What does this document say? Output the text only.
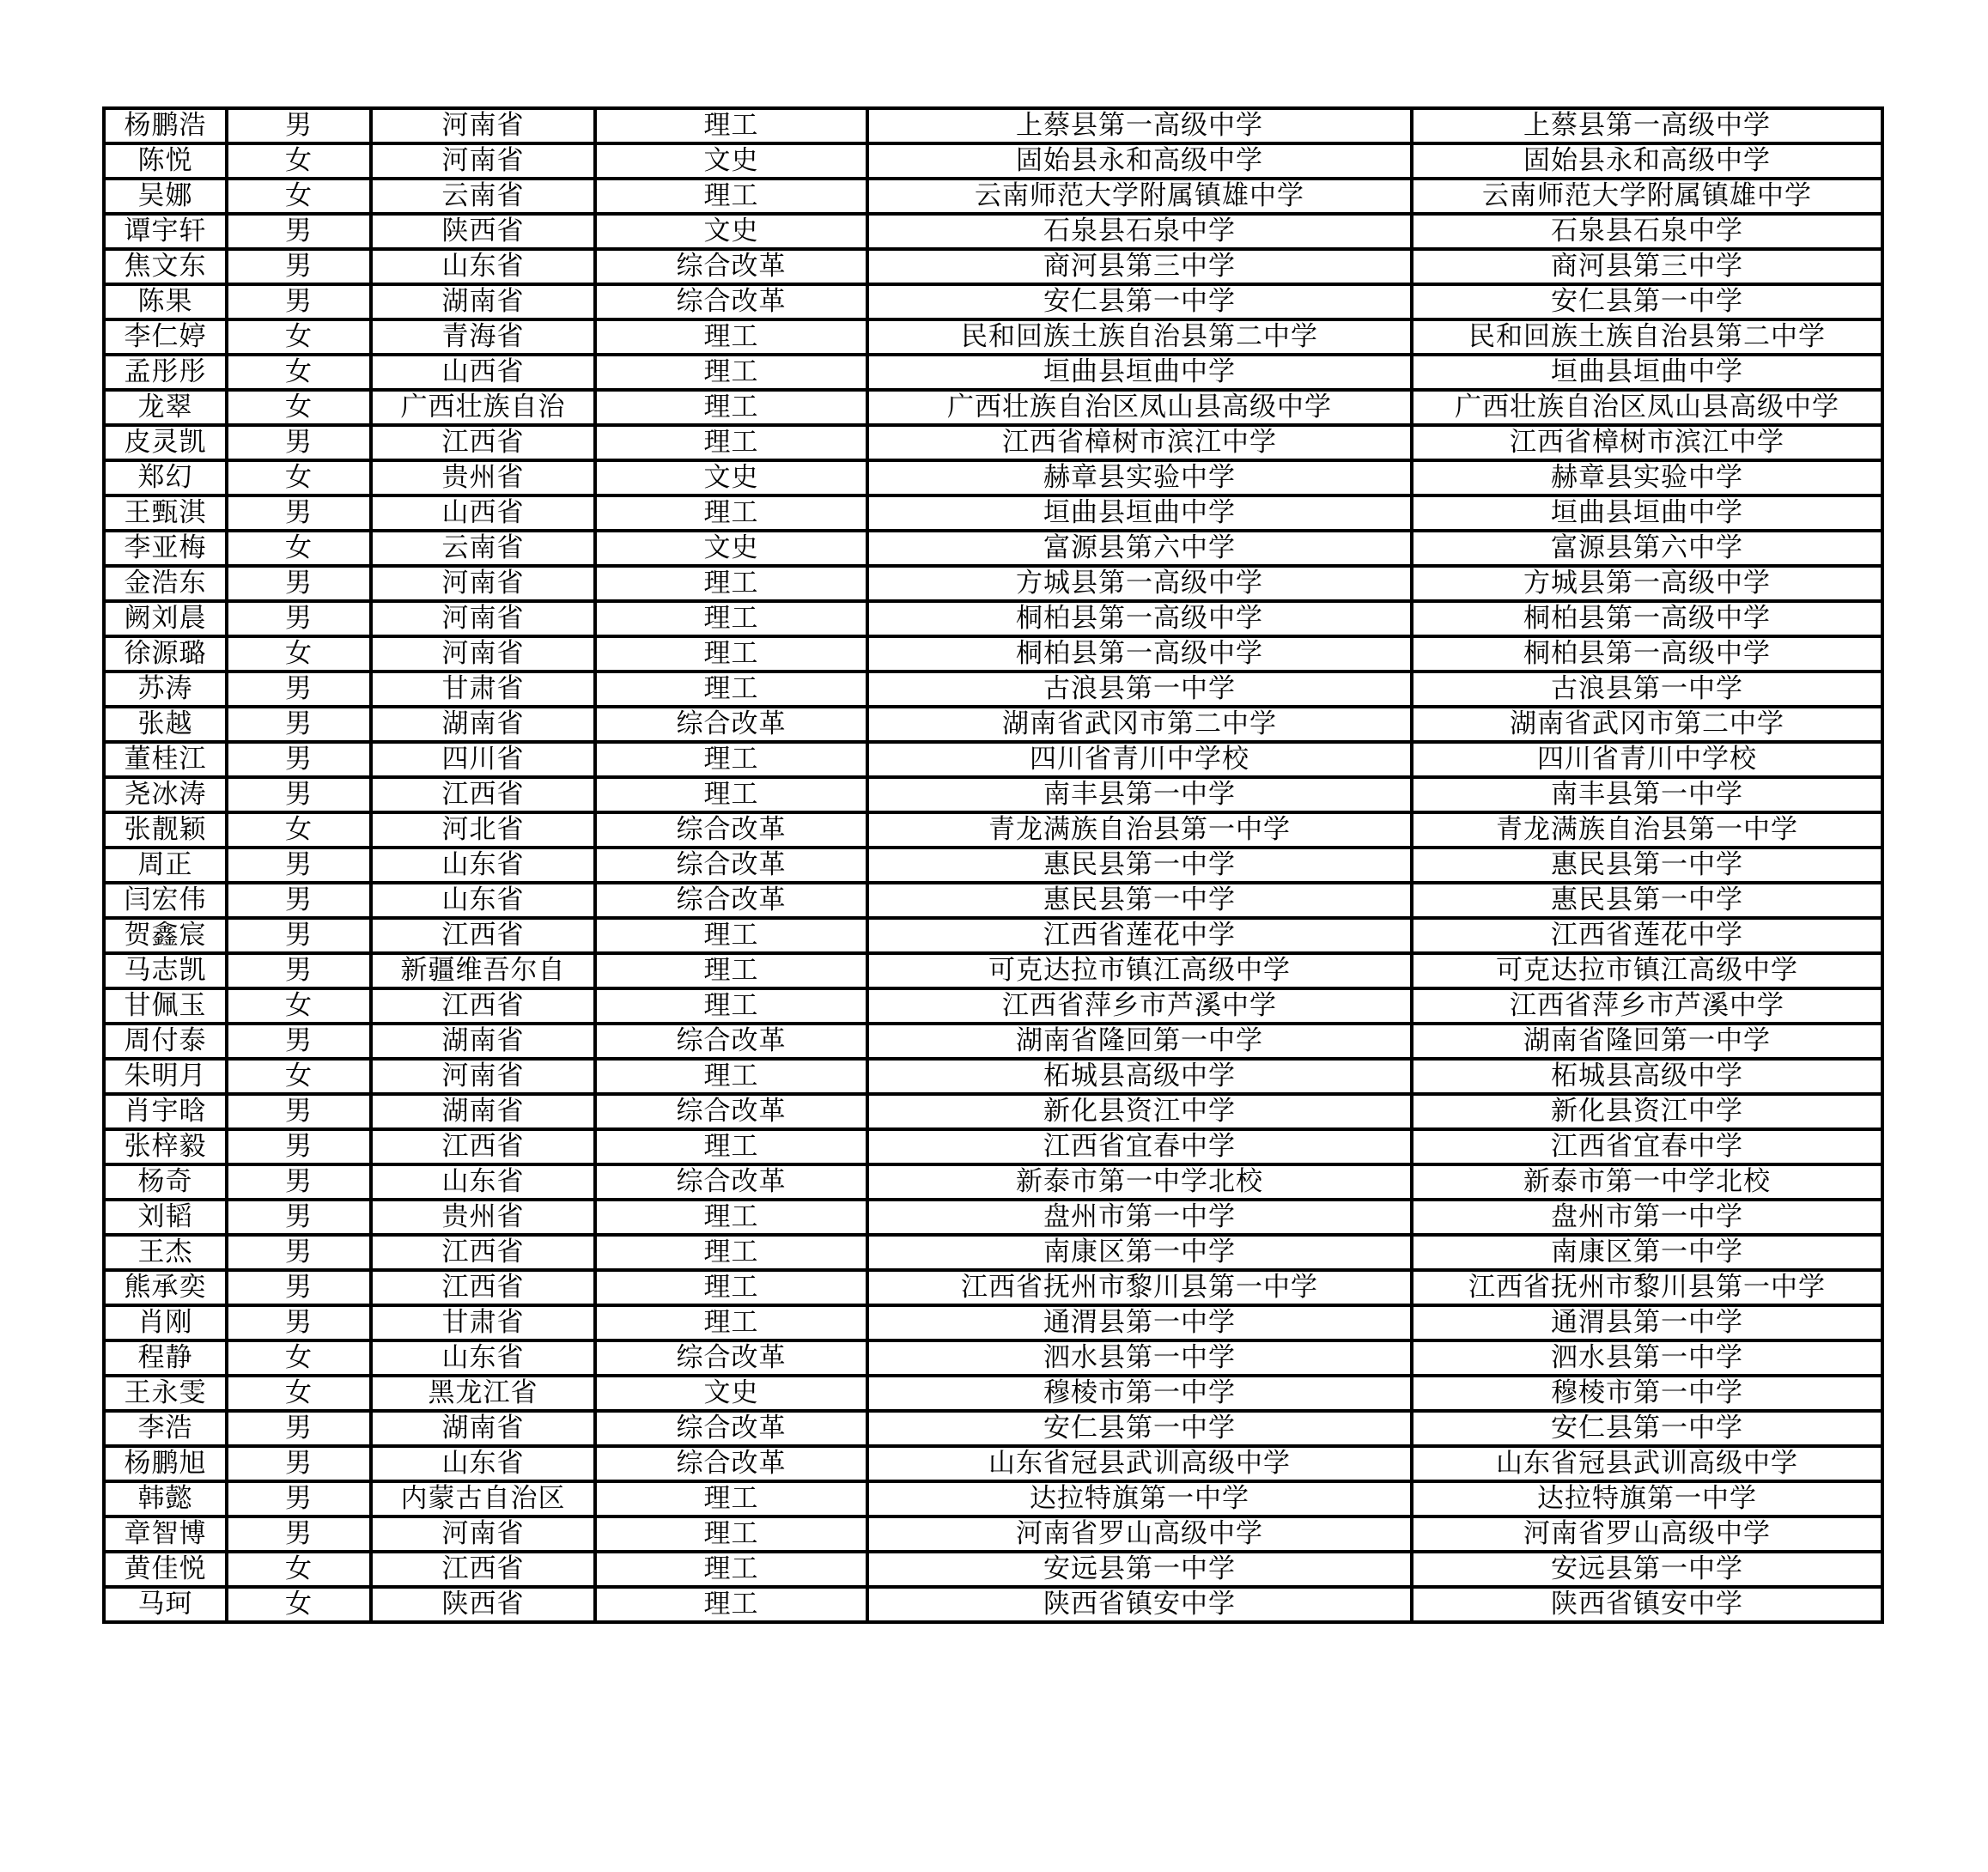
杨鹏浩	男	河南省	理工	上蔡县第一高级中学	上蔡县第一高级中学
陈悦	女	河南省	文史	固始县永和高级中学	固始县永和高级中学
吴娜	女	云南省	理工	云南师范大学附属镇雄中学	云南师范大学附属镇雄中学
谭宇轩	男	陕西省	文史	石泉县石泉中学	石泉县石泉中学
焦文东	男	山东省	综合改革	商河县第三中学	商河县第三中学
陈果	男	湖南省	综合改革	安仁县第一中学	安仁县第一中学
李仁婷	女	青海省	理工	民和回族土族自治县第二中学	民和回族土族自治县第二中学
孟彤彤	女	山西省	理工	垣曲县垣曲中学	垣曲县垣曲中学
龙翠	女	广西壮族自治	理工	广西壮族自治区凤山县高级中学	广西壮族自治区凤山县高级中学
皮灵凯	男	江西省	理工	江西省樟树市滨江中学	江西省樟树市滨江中学
郑幻	女	贵州省	文史	赫章县实验中学	赫章县实验中学
王甄淇	男	山西省	理工	垣曲县垣曲中学	垣曲县垣曲中学
李亚梅	女	云南省	文史	富源县第六中学	富源县第六中学
金浩东	男	河南省	理工	方城县第一高级中学	方城县第一高级中学
阙刘晨	男	河南省	理工	桐柏县第一高级中学	桐柏县第一高级中学
徐源璐	女	河南省	理工	桐柏县第一高级中学	桐柏县第一高级中学
苏涛	男	甘肃省	理工	古浪县第一中学	古浪县第一中学
张越	男	湖南省	综合改革	湖南省武冈市第二中学	湖南省武冈市第二中学
董桂江	男	四川省	理工	四川省青川中学校	四川省青川中学校
尧冰涛	男	江西省	理工	南丰县第一中学	南丰县第一中学
张靓颖	女	河北省	综合改革	青龙满族自治县第一中学	青龙满族自治县第一中学
周正	男	山东省	综合改革	惠民县第一中学	惠民县第一中学
闫宏伟	男	山东省	综合改革	惠民县第一中学	惠民县第一中学
贺鑫宸	男	江西省	理工	江西省莲花中学	江西省莲花中学
马志凯	男	新疆维吾尔自	理工	可克达拉市镇江高级中学	可克达拉市镇江高级中学
甘佩玉	女	江西省	理工	江西省萍乡市芦溪中学	江西省萍乡市芦溪中学
周付泰	男	湖南省	综合改革	湖南省隆回第一中学	湖南省隆回第一中学
朱明月	女	河南省	理工	柘城县高级中学	柘城县高级中学
肖宇晗	男	湖南省	综合改革	新化县资江中学	新化县资江中学
张梓毅	男	江西省	理工	江西省宜春中学	江西省宜春中学
杨奇	男	山东省	综合改革	新泰市第一中学北校	新泰市第一中学北校
刘韬	男	贵州省	理工	盘州市第一中学	盘州市第一中学
王杰	男	江西省	理工	南康区第一中学	南康区第一中学
熊承奕	男	江西省	理工	江西省抚州市黎川县第一中学	江西省抚州市黎川县第一中学
肖刚	男	甘肃省	理工	通渭县第一中学	通渭县第一中学
程静	女	山东省	综合改革	泗水县第一中学	泗水县第一中学
王永雯	女	黑龙江省	文史	穆棱市第一中学	穆棱市第一中学
李浩	男	湖南省	综合改革	安仁县第一中学	安仁县第一中学
杨鹏旭	男	山东省	综合改革	山东省冠县武训高级中学	山东省冠县武训高级中学
韩懿	男	内蒙古自治区	理工	达拉特旗第一中学	达拉特旗第一中学
章智博	男	河南省	理工	河南省罗山高级中学	河南省罗山高级中学
黄佳悦	女	江西省	理工	安远县第一中学	安远县第一中学
马珂	女	陕西省	理工	陕西省镇安中学	陕西省镇安中学
